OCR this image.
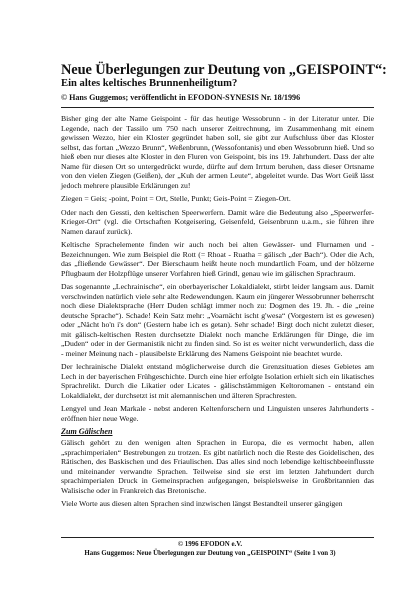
Neue Überlegungen zur Deutung von „GEISPOINT“:
Ein altes keltisches Brunnenheiligtum?
© Hans Guggemos; veröffentlicht in EFODON-SYNESIS Nr. 18/1996

Bisher ging der alte Name Geispoint - für das heutige Wessobrunn - in der Literatur unter. Die Legende, nach der Tassilo um 750 nach unserer Zeitrechnung, im Zusammenhang mit einem gewissen Wezzo, hier ein Kloster gegründet haben soll, sie gibt zur Aufschluss über das Kloster selbst, das fortan „Wezzo Brunn“, Weßenbrunn, (Wessofontanis) und eben Wessobrunn hieß. Und so hieß eben nur dieses alte Kloster in den Fluren von Geispoint, bis ins 19. Jahrhundert. Dass der alte Name für diesen Ort so untergedrückt wurde, dürfte auf dem Irrtum beruhen, dass dieser Ortsname von den vielen Ziegen (Geißen), der „Kuh der armen Leute“, abgeleitet wurde. Das Wort Geiß lässt jedoch mehrere plausible Erklärungen zu!

Ziegen = Geis; -point, Point = Ort, Stelle, Punkt; Geis-Point = Ziegen-Ort.

Oder nach den Gessti, den keltischen Speerwerfern. Damit wäre die Bedeutung also „Speerwerfer-Krieger-Ort“ (vgl. die Ortschaften Kotgeisering, Geisenfeld, Geisenbrunn u.a.m., sie führen ihre Namen darauf zurück).

Keltische Sprachelemente finden wir auch noch bei alten Gewässer- und Flurnamen und -Bezeichnungen. Wie zum Beispiel die Rott (= Rhoat - Ruatha = gälisch „der Bach“). Oder die Ach, das „fließende Gewässer“. Der Bierschaum heißt heute noch mundartlich Foam, und der hölzerne Pflugbaum der Holzpflüge unserer Vorfahren hieß Grindl, genau wie im gälischen Sprachraum.

Das sogenannte „Lechrainische“, ein oberbayerischer Lokaldialekt, stirbt leider langsam aus. Damit verschwinden natürlich viele sehr alte Redewendungen. Kaum ein jüngerer Wessobrunner beherrscht noch diese Dialektsprache (Herr Duden schlägt immer noch zu: Dogmen des 19. Jh. - die „reine deutsche Sprache“). Schade! Kein Satz mehr: „Voarnächt ischt g'wesa“ (Vorgestern ist es gewesen) oder „Nächt ho'n i's don“ (Gestern habe ich es getan). Sehr schade! Birgt doch nicht zuletzt dieser, mit gälisch-keltischen Resten durchsetzte Dialekt noch manche Erklärungen für Dinge, die im „Duden“ oder in der Germanistik nicht zu finden sind. So ist es weiter nicht verwunderlich, dass die - meiner Meinung nach - plausibelste Erklärung des Namens Geispoint nie beachtet wurde.

Der lechrainische Dialekt entstand möglicherweise durch die Grenzsituation dieses Gebietes am Lech in der bayerischen Frühgeschichte. Durch eine hier erfolgte Isolation erhielt sich ein likatisches Sprachrelikt. Durch die Likatier oder Licates - gälischstämmigen Keltoromanen - entstand ein Lokaldialekt, der durchsetzt ist mit alemannischen und älteren Sprachresten.

Lengyel und Jean Markale - nebst anderen Keltenforschern und Linguisten unseres Jahrhunderts - eröffnen hier neue Wege.

Zum Gälischen

Gälisch gehört zu den wenigen alten Sprachen in Europa, die es vermocht haben, allen „sprachimperialen“ Bestrebungen zu trotzen. Es gibt natürlich noch die Reste des Goidelischen, des Rätischen, des Baskischen und des Friaulischen. Das alles sind noch lebendige keltischbeeinflusste und miteinander verwandte Sprachen. Teilweise sind sie erst im letzten Jahrhundert durch sprachimperialen Druck in Gemeinsprachen aufgegangen, beispielsweise in Großbritannien das Walisische oder in Frankreich das Bretonische.

Viele Worte aus diesen alten Sprachen sind inzwischen längst Bestandteil unserer gängigen

© 1996 EFODON e.V.
Hans Guggemos: Neue Überlegungen zur Deutung von „GEISPOINT“ (Seite 1 von 3)
